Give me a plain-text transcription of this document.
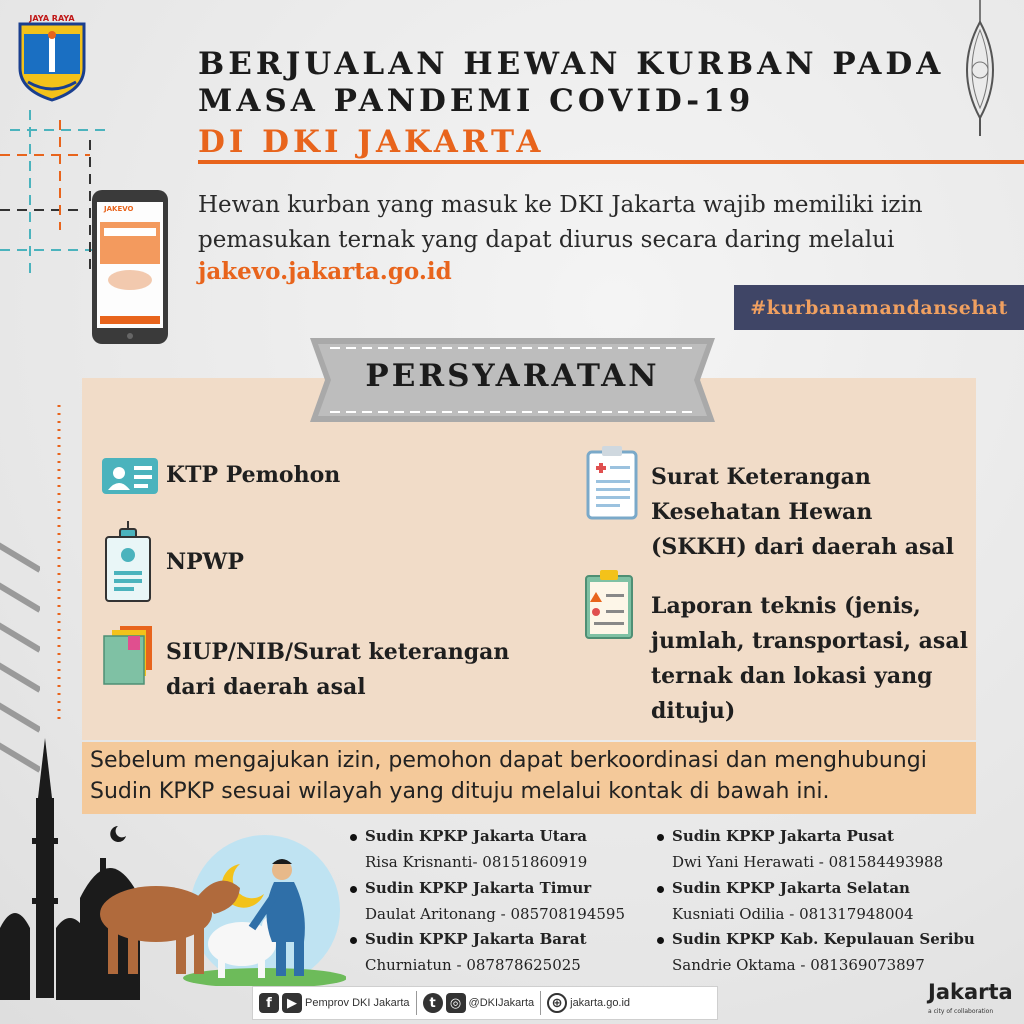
JAYA RAYA
BERJUALAN HEWAN KURBAN PADA
MASA PANDEMI COVID-19
DI DKI JAKARTA
JAKEVO	Hewan kurban yang masuk ke DKI Jakarta wajib memiliki izin pemasukan ternak yang dapat diurus secara daring melalui
jakevo.jakarta.go.id
#kurbanamandansehat
PERSYARATAN
KTP Pemohon
NPWP
SIUP/NIB/Surat keterangan dari daerah asal
Surat Keterangan Kesehatan Hewan (SKKH) dari daerah asal
Laporan teknis (jenis, jumlah, transportasi, asal ternak dan lokasi yang dituju)
Sebelum mengajukan izin, pemohon dapat berkoordinasi dan menghubungi Sudin KPKP sesuai wilayah yang dituju melalui kontak di bawah ini.
Sudin KPKP Jakarta Utara
Risa Krisnanti- 08151860919
Sudin KPKP Jakarta Timur
Daulat Aritonang - 085708194595
Sudin KPKP Jakarta Barat
Churniatun - 087878625025
Sudin KPKP Jakarta Pusat
Dwi Yani Herawati - 081584493988
Sudin KPKP Jakarta Selatan
Kusniati Odilia - 081317948004
Sudin KPKP Kab. Kepulauan Seribu
Sandrie Oktama - 081369073897
f	▶ Pemprov DKI Jakarta	t	◎ @DKIJakarta	⊕ jakarta.go.id	Jakarta
a city of collaboration
